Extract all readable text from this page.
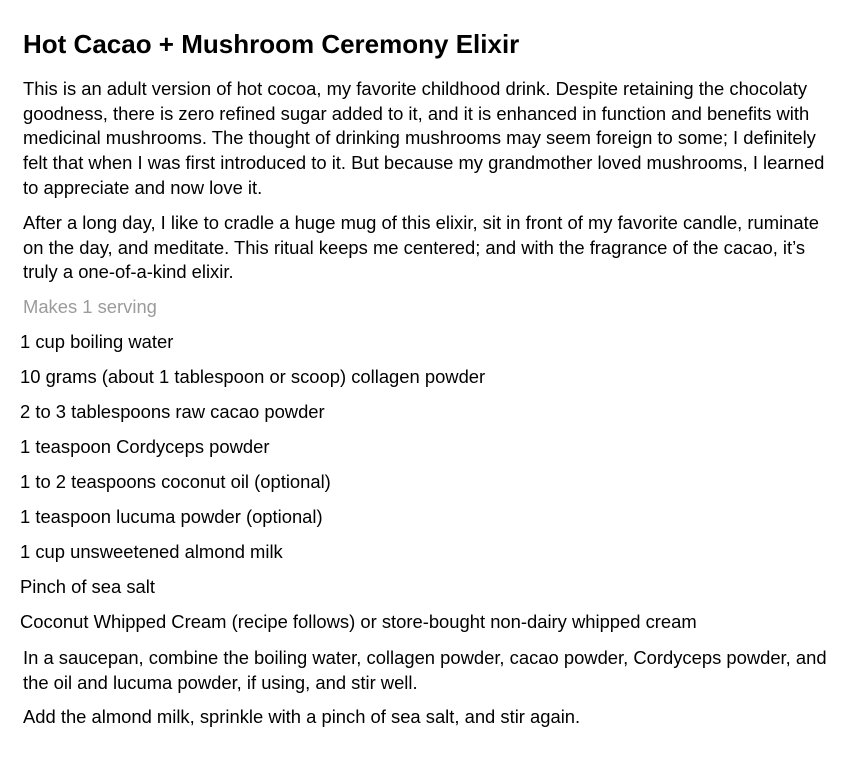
Hot Cacao + Mushroom Ceremony Elixir

This is an adult version of hot cocoa, my favorite childhood drink. Despite retaining the chocolaty goodness, there is zero refined sugar added to it, and it is enhanced in function and benefits with medicinal mushrooms. The thought of drinking mushrooms may seem foreign to some; I definitely felt that when I was first introduced to it. But because my grandmother loved mushrooms, I learned to appreciate and now love it.

After a long day, I like to cradle a huge mug of this elixir, sit in front of my favorite candle, ruminate on the day, and meditate. This ritual keeps me centered; and with the fragrance of the cacao, it’s truly a one-of-a-kind elixir.

Makes 1 serving

1 cup boiling water

10 grams (about 1 tablespoon or scoop) collagen powder

2 to 3 tablespoons raw cacao powder

1 teaspoon Cordyceps powder

1 to 2 teaspoons coconut oil (optional)

1 teaspoon lucuma powder (optional)

1 cup unsweetened almond milk

Pinch of sea salt

Coconut Whipped Cream (recipe follows) or store-bought non-dairy whipped cream

In a saucepan, combine the boiling water, collagen powder, cacao powder, Cordyceps powder, and the oil and lucuma powder, if using, and stir well.

Add the almond milk, sprinkle with a pinch of sea salt, and stir again.
